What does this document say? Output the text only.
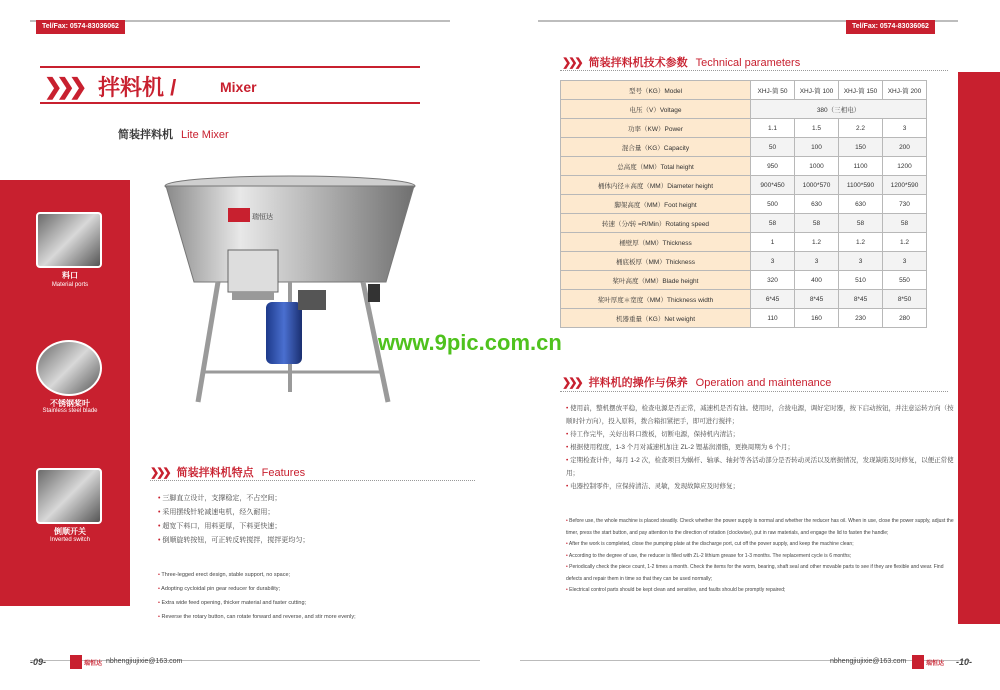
Tel/Fax: 0574-83036062
❯❯❯ 拌料机 /	Mixer
简装拌料机 Lite Mixer
料口
Material ports
不锈钢桨叶
Stainless steel blade
倒顺开关
Inverted switch
瑞恒达
❯❯❯ 简装拌料机特点 Features
• 三脚直立设计，支撑稳定，不占空间；
• 采用摆线针轮减速电机，经久耐用；
• 超宽下料口，用料更厚，下料更快速；
• 倒顺旋转按钮，可正转反转搅拌，搅拌更均匀；
• Three-legged erect design, stable support, no space;
• Adopting cycloidal pin gear reducer for durability;
• Extra wide feed opening, thicker material and faster cutting;
• Reverse the rotary button, can rotate forward and reverse, and stir more evenly;
-09-	瑞恒达 nbhengjiujixie@163.com
Tel/Fax: 0574-83036062
❯❯❯ 简装拌料机技术参数 Technical parameters
型号（KG）Model	XHJ-简 50	XHJ-简 100	XHJ-简 150	XHJ-简 200
电压（V）Voltage	380（三相电）			
功率（KW）Power	1.1	1.5	2.2	3
混合量（KG）Capacity	50	100	150	200
总高度（MM）Total height	950	1000	1100	1200
桶体内径＊高度（MM）Diameter height	900*450	1000*570	1100*590	1200*590
脚架高度（MM）Foot height	500	630	630	730
转速（分/转 =R/Min）Rotating speed	58	58	58	58
桶壁厚（MM）Thickness	1	1.2	1.2	1.2
桶底板厚（MM）Thickness	3	3	3	3
桨叶高度（MM）Blade height	320	400	510	550
桨叶厚度＊宽度（MM）Thickness width	6*45	8*45	8*45	8*50
机器重量（KG）Net weight	110	160	230	280
www.9pic.com.cn
❯❯❯ 拌料机的操作与保养 Operation and maintenance
• 使用前，整机摆放平稳，检查电源是否正常，减速机是否有油。使用时，合拢电源，调好定时器，按下启动按钮，并注意运转方向（按顺时针方向），投入原料，拨合箱扣紧把手，即可进行搅拌；
• 待工作完毕，关好出料口拨板，切断电源，保持机内清洁；
• 根据使用程度，1-3 个月对减速机加注 ZL-2 锂基润滑脂，更换周期为 6 个月；
• 定期检查计件，每月 1-2 次，检查项目为蜗杆、轴承、轴封等各活动部分是否转动灵活以及磨损情况，发现缺陷及时修复，以便正常使用；
• 电器控制零件，应保持清洁、灵敏，发现故障应及时修复；
• Before use, the whole machine is placed steadily. Check whether the power supply is normal and whether the reducer has oil. When in use, close the power supply, adjust the timer, press the start button, and pay attention to the direction of rotation (clockwise), put in raw materials, and engage the lid to fasten the handle;
• After the work is completed, close the pumping plate at the discharge port, cut off the power supply, and keep the machine clean;
• According to the degree of use, the reducer is filled with ZL-2 lithium grease for 1-3 months. The replacement cycle is 6 months;
• Periodically check the piece count, 1-2 times a month. Check the items for the worm, bearing, shaft seal and other movable parts to see if they are flexible and wear. Find defects and repair them in time so that they can be used normally;
• Electrical control parts should be kept clean and sensitive, and faults should be promptly repaired;
nbhengjiujixie@163.com	瑞恒达 -10-
